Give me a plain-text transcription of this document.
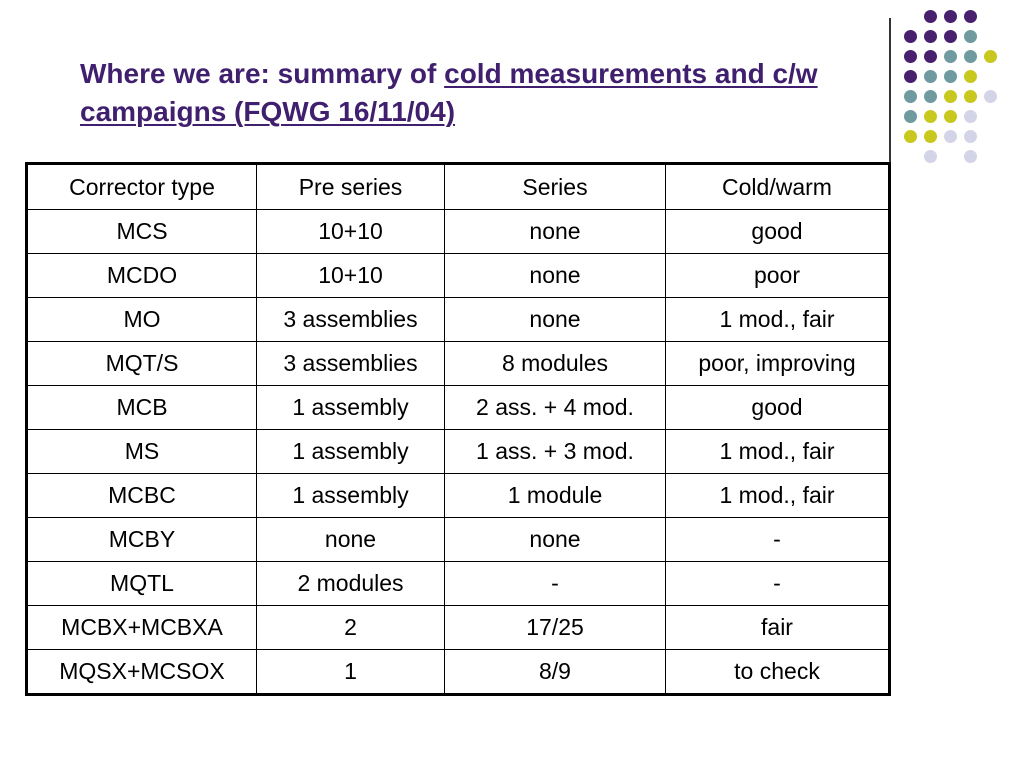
Where we are: summary of cold measurements and c/w campaigns (FQWG 16/11/04)
Corrector type	Pre series	Series	Cold/warm
MCS	10+10	none	good
MCDO	10+10	none	poor
MO	3 assemblies	none	1 mod., fair
MQT/S	3 assemblies	8 modules	poor, improving
MCB	1 assembly	2 ass. + 4 mod.	good
MS	1 assembly	1 ass. + 3 mod.	1 mod., fair
MCBC	1 assembly	1 module	1 mod., fair
MCBY	none	none	-
MQTL	2 modules	-	-
MCBX+MCBXA	2	17/25	fair
MQSX+MCSOX	1	8/9	to check
